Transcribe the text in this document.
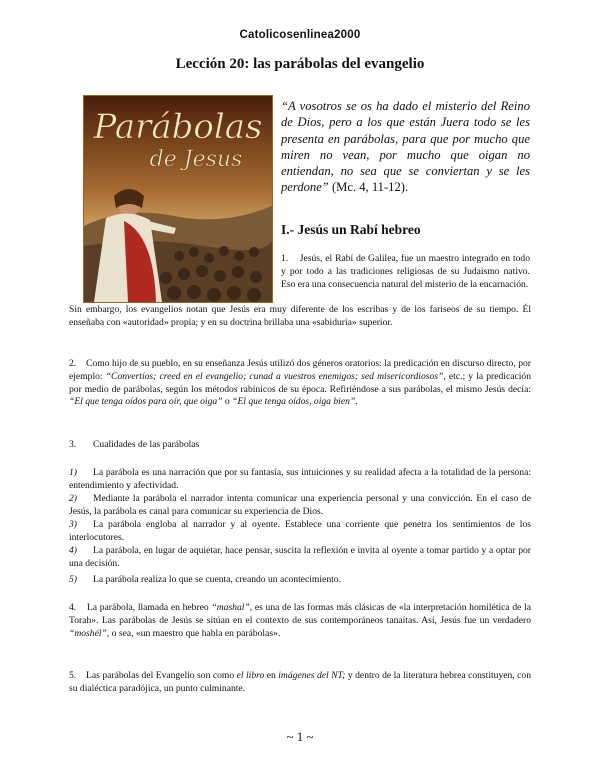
Catolicosenlinea2000
Lección 20: las parábolas del evangelio
Parábolas
de Jesus
“A vosotros se os ha dado el misterio del Reino de Dios, pero a los que están Juera todo se les presenta en parábolas, para que por mucho que miren no vean, por mucho que oigan no entiendan, no sea que se conviertan y se les perdone” (Mc. 4, 11-12).
I.- Jesús un Rabí hebreo
1. Jesús, el Rabí de Galilea, fue un maestro integrado en todo y por todo a las tradiciones religiosas de su Judaísmo nativo. Eso era una consecuencia natural del misterio de la encarnación.
Sin embargo, los evangelios notan que Jesús era muy diferente de los escribas y de los fariseos de su tiempo. Él enseñaba con «autoridad» propia; y en su doctrina brillaba una «sabiduría» superior.
2. Como hijo de su pueblo, en su enseñanza Jesús utilizó dos géneros oratorios: la predicación en discurso directo, por ejemplo: “Convertíos; creed en el evangelio; cunad a vuestros enemigos; sed misericordiosos”, etc.; y la predicación por medio de parábolas, según los métodos rabínicos de su época. Refiriéndose a sus parábolas, el mismo Jesús decía: “El que tenga oídos para oír, que oiga” o “El que tenga oídos, oiga bien”.
3. Cualidades de las parábolas
1) La parábola es una narración que por su fantasía, sus intuiciones y su realidad afecta a la totalidad de la persona: entendimiento y afectividad.
2) Mediante la parábola el narrador intenta comunicar una experiencia personal y una convicción. En el caso de Jesús, la parábola es canal para comunicar su experiencia de Dios.
3) La parábola engloba al narrador y al oyente. Establece una corriente que penetra los sentimientos de los interlocutores.
4) La parábola, en lugar de aquietar, hace pensar, suscita la reflexión e invita al oyente a tomar partido y a optar por una decisión.
5) La parábola realiza lo que se cuenta, creando un acontecimiento.
4. La parábola, llamada en hebreo “mashal”, es una de las formas más clásicas de «la interpretación homilética de la Torah». Las parábolas de Jesús se sitúan en el contexto de sus contemporáneos tanaítas. Así, Jesús fue un verdadero “moshél”, o sea, «un maestro que habla en parábolas».
5. Las parábolas del Evangelio son como el libro en imágenes del NT; y dentro de la literatura hebrea constituyen, con su dialéctica paradójica, un punto culminante.
~ 1 ~
